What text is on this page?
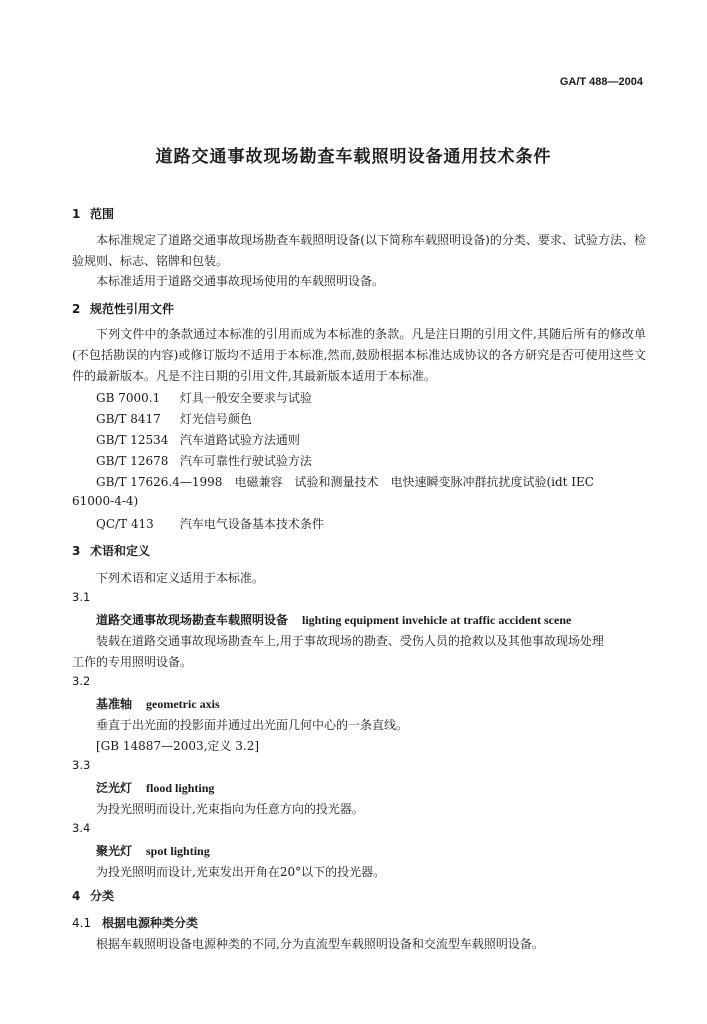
GA/T 488—2004
道路交通事故现场勘查车载照明设备通用技术条件
1 范围
本标准规定了道路交通事故现场勘查车载照明设备(以下简称车载照明设备)的分类、要求、试验方法、检验规则、标志、铭牌和包装。
本标准适用于道路交通事故现场使用的车载照明设备。
2 规范性引用文件
下列文件中的条款通过本标准的引用而成为本标准的条款。凡是注日期的引用文件,其随后所有的修改单(不包括勘误的内容)或修订版均不适用于本标准,然而,鼓励根据本标准达成协议的各方研究是否可使用这些文件的最新版本。凡是不注日期的引用文件,其最新版本适用于本标准。
GB 7000.1 灯具一般安全要求与试验
GB/T 8417 灯光信号颜色
GB/T 12534 汽车道路试验方法通则
GB/T 12678 汽车可靠性行驶试验方法
GB/T 17626.4—1998　 电磁兼容　试验和测量技术　电快速瞬变脉冲群抗扰度试验(idt IEC
61000-4-4)
QC/T 413 汽车电气设备基本技术条件
3 术语和定义
下列术语和定义适用于本标准。
3.1
道路交通事故现场勘查车载照明设备 lighting equipment invehicle at traffic accident scene
装载在道路交通事故现场勘查车上,用于事故现场的勘查、受伤人员的抢救以及其他事故现场处理
工作的专用照明设备。
3.2
基准轴 geometric axis
垂直于出光面的投影面并通过出光面几何中心的一条直线。
[GB 14887—2003,定义 3.2]
3.3
泛光灯 flood lighting
为投光照明而设计,光束指向为任意方向的投光器。
3.4
聚光灯 spot lighting
为投光照明而设计,光束发出开角在20°以下的投光器。
4 分类
4.1 根据电源种类分类
根据车载照明设备电源种类的不同,分为直流型车载照明设备和交流型车载照明设备。
